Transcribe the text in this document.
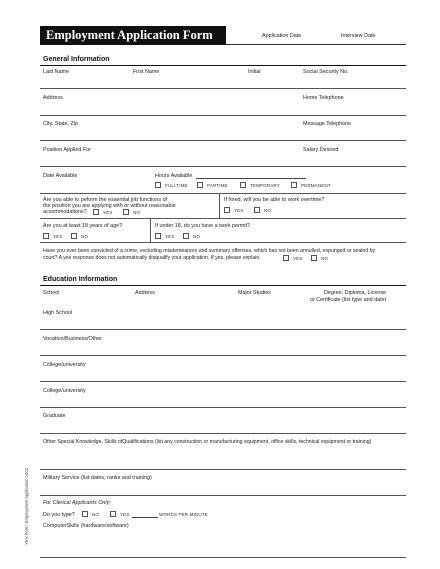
Employment Application Form	Application Date	Interview Date
General Information
Last Name	First Name	Initial	Social Security No.
Address	Home Telephone
City, State, Zip	Message Telephone
Position Applied For	Salary Desired
Date Available	Hours Available
FULLTIME	PARTIME	TEMPORARY	PERMANENT
Are you able to peform the essential job functions of
the position you are applying with or without reasonable
accommodations?	YES	NO
If hired, will you be able to work overtime?
YES	NO
Are you at least 18 years of age?
YES	NO
If under 18, do you have a work permit?
YES	NO
Have you ever been convicted of a crime, excluding misdemeanors and summary offenses, which has not been annulled, expunged or sealed by
court? A yes response does not automatically disqualify your application. If yes, please explain.	YES	NO
Education Information
School	Address	Major Studies	Degree, Diploma, License
or Certificate (list type and date)
High School
Vocation/Business/Other
College/university
College/university
Graduate
Other Special Knowledge, Skills ofQualifications (list any construction or manufacturing equipment, office skills, technical equipment or training)
Military Service (list dates, ranks and training)
For Clerical Applicants Only:
Do you type?	NO	YES	WORDS PER MINUTE
ComputerSkills (hardware/software)
YEH Form: Employment Application 1002
